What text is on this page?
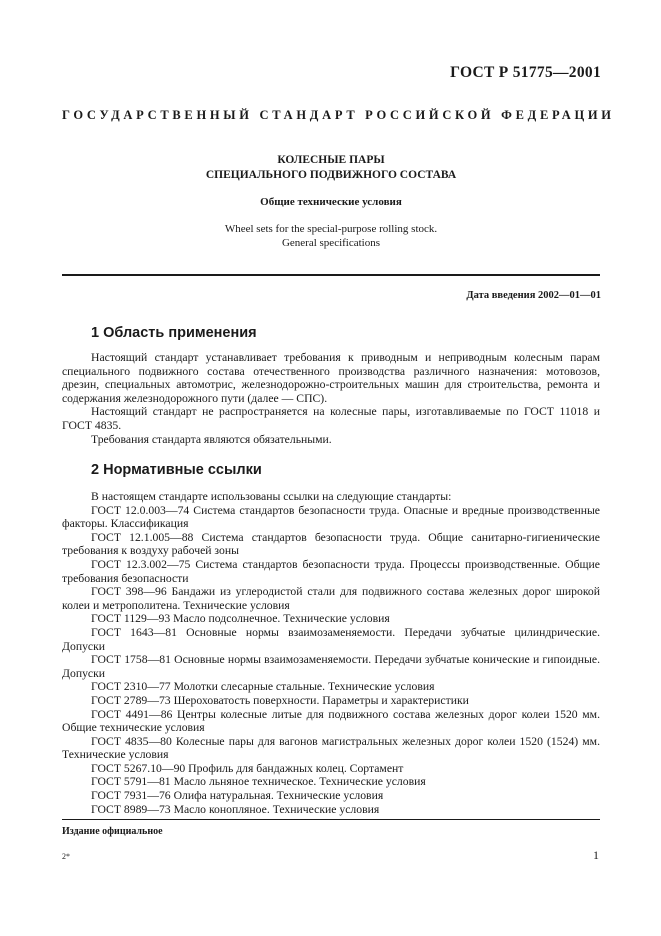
ГОСТ Р 51775—2001
ГОСУДАРСТВЕННЫЙ СТАНДАРТ РОССИЙСКОЙ ФЕДЕРАЦИИ
КОЛЕСНЫЕ ПАРЫ
СПЕЦИАЛЬНОГО ПОДВИЖНОГО СОСТАВА
Общие технические условия
Wheel sets for the special-purpose rolling stock.
General specifications
Дата введения 2002—01—01
1 Область применения

Настоящий стандарт устанавливает требования к приводным и неприводным колесным парам специального подвижного состава отечественного производства различного назначения: мотовозов, дрезин, специальных автомотрис, железнодорожно-строительных машин для строительства, ремонта и содержания железнодорожного пути (далее — СПС).

Настоящий стандарт не распространяется на колесные пары, изготавливаемые по ГОСТ 11018 и ГОСТ 4835.

Требования стандарта являются обязательными.

2 Нормативные ссылки

В настоящем стандарте использованы ссылки на следующие стандарты:

ГОСТ 12.0.003—74 Система стандартов безопасности труда. Опасные и вредные производственные факторы. Классификация

ГОСТ 12.1.005—88 Система стандартов безопасности труда. Общие санитарно-гигиенические требования к воздуху рабочей зоны

ГОСТ 12.3.002—75 Система стандартов безопасности труда. Процессы производственные. Общие требования безопасности

ГОСТ 398—96 Бандажи из углеродистой стали для подвижного состава железных дорог широкой колеи и метрополитена. Технические условия

ГОСТ 1129—93 Масло подсолнечное. Технические условия

ГОСТ 1643—81 Основные нормы взаимозаменяемости. Передачи зубчатые цилиндрические. Допуски

ГОСТ 1758—81 Основные нормы взаимозаменяемости. Передачи зубчатые конические и гипоидные. Допуски

ГОСТ 2310—77 Молотки слесарные стальные. Технические условия

ГОСТ 2789—73 Шероховатость поверхности. Параметры и характеристики

ГОСТ 4491—86 Центры колесные литые для подвижного состава железных дорог колеи 1520 мм. Общие технические условия

ГОСТ 4835—80 Колесные пары для вагонов магистральных железных дорог колеи 1520 (1524) мм. Технические условия

ГОСТ 5267.10—90 Профиль для бандажных колец. Сортамент

ГОСТ 5791—81 Масло льняное техническое. Технические условия

ГОСТ 7931—76 Олифа натуральная. Технические условия

ГОСТ 8989—73 Масло конопляное. Технические условия

Издание официальное
2*	1
